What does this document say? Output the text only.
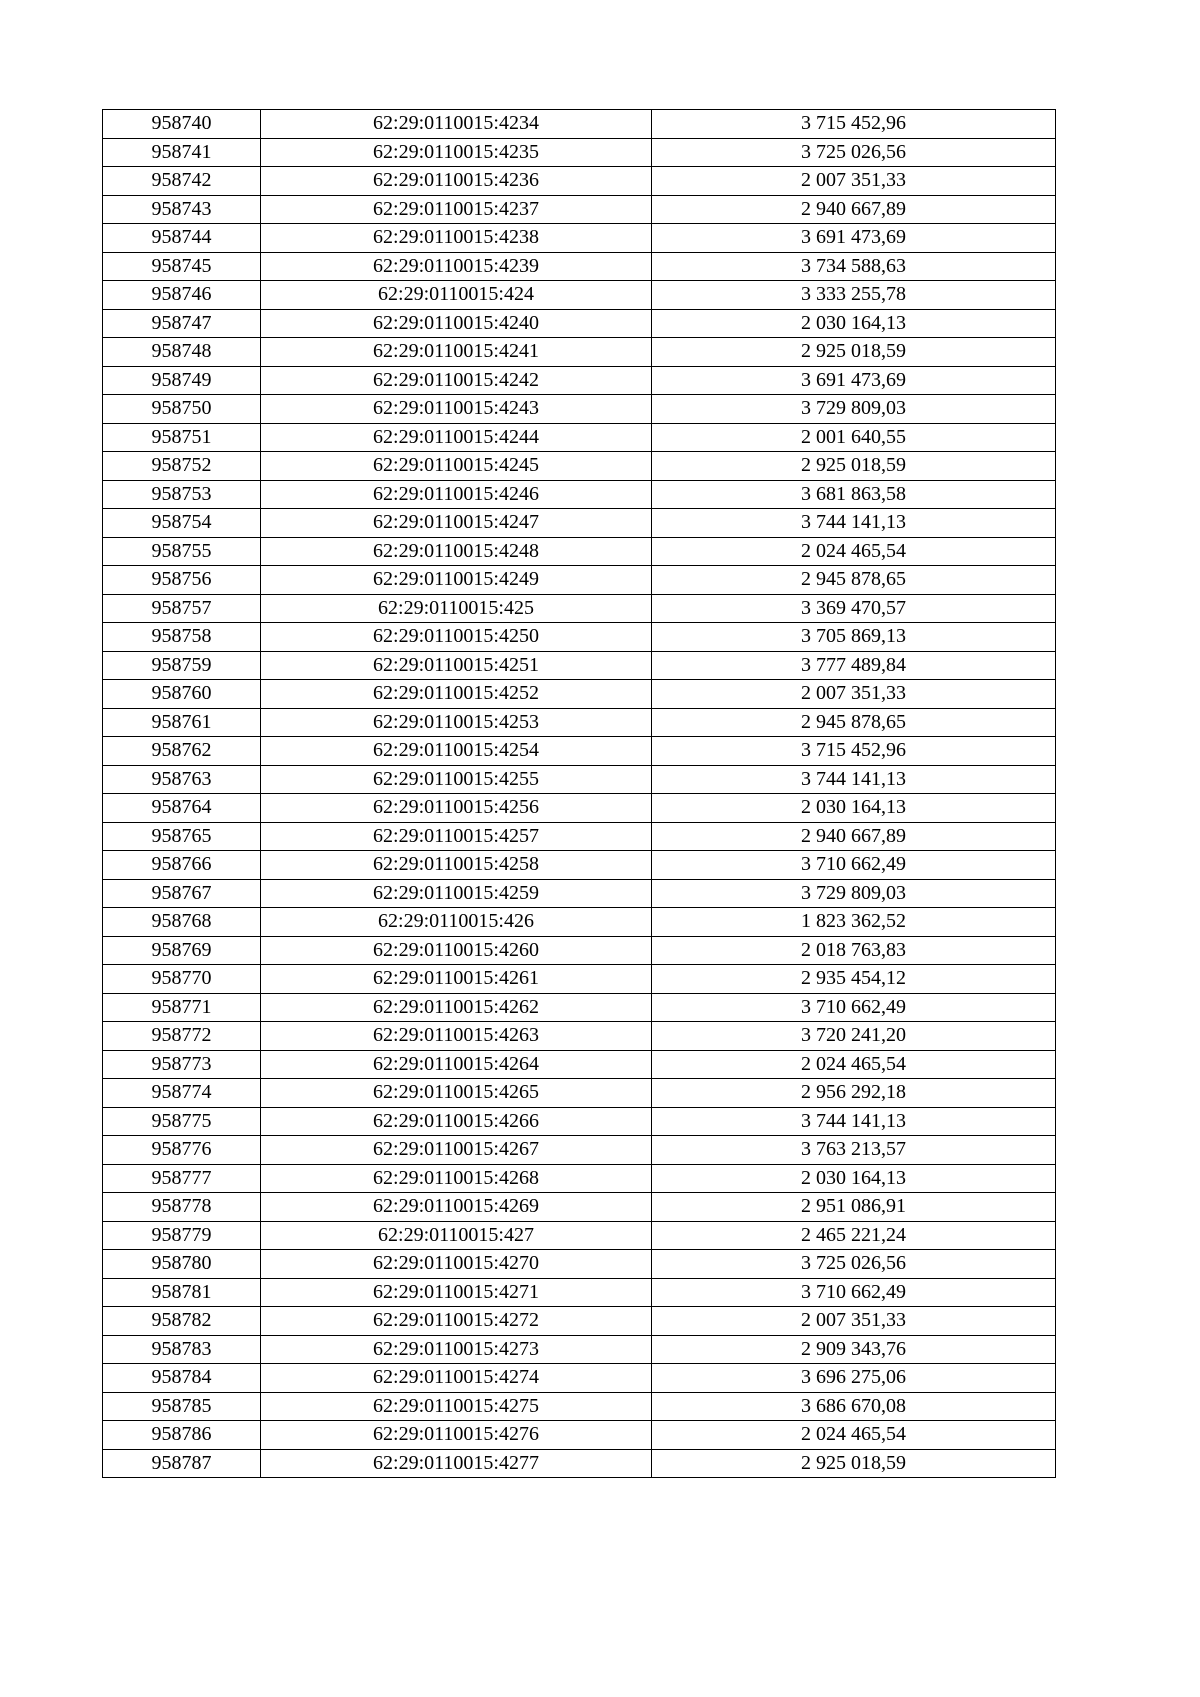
958740	62:29:0110015:4234	3 715 452,96
958741	62:29:0110015:4235	3 725 026,56
958742	62:29:0110015:4236	2 007 351,33
958743	62:29:0110015:4237	2 940 667,89
958744	62:29:0110015:4238	3 691 473,69
958745	62:29:0110015:4239	3 734 588,63
958746	62:29:0110015:424	3 333 255,78
958747	62:29:0110015:4240	2 030 164,13
958748	62:29:0110015:4241	2 925 018,59
958749	62:29:0110015:4242	3 691 473,69
958750	62:29:0110015:4243	3 729 809,03
958751	62:29:0110015:4244	2 001 640,55
958752	62:29:0110015:4245	2 925 018,59
958753	62:29:0110015:4246	3 681 863,58
958754	62:29:0110015:4247	3 744 141,13
958755	62:29:0110015:4248	2 024 465,54
958756	62:29:0110015:4249	2 945 878,65
958757	62:29:0110015:425	3 369 470,57
958758	62:29:0110015:4250	3 705 869,13
958759	62:29:0110015:4251	3 777 489,84
958760	62:29:0110015:4252	2 007 351,33
958761	62:29:0110015:4253	2 945 878,65
958762	62:29:0110015:4254	3 715 452,96
958763	62:29:0110015:4255	3 744 141,13
958764	62:29:0110015:4256	2 030 164,13
958765	62:29:0110015:4257	2 940 667,89
958766	62:29:0110015:4258	3 710 662,49
958767	62:29:0110015:4259	3 729 809,03
958768	62:29:0110015:426	1 823 362,52
958769	62:29:0110015:4260	2 018 763,83
958770	62:29:0110015:4261	2 935 454,12
958771	62:29:0110015:4262	3 710 662,49
958772	62:29:0110015:4263	3 720 241,20
958773	62:29:0110015:4264	2 024 465,54
958774	62:29:0110015:4265	2 956 292,18
958775	62:29:0110015:4266	3 744 141,13
958776	62:29:0110015:4267	3 763 213,57
958777	62:29:0110015:4268	2 030 164,13
958778	62:29:0110015:4269	2 951 086,91
958779	62:29:0110015:427	2 465 221,24
958780	62:29:0110015:4270	3 725 026,56
958781	62:29:0110015:4271	3 710 662,49
958782	62:29:0110015:4272	2 007 351,33
958783	62:29:0110015:4273	2 909 343,76
958784	62:29:0110015:4274	3 696 275,06
958785	62:29:0110015:4275	3 686 670,08
958786	62:29:0110015:4276	2 024 465,54
958787	62:29:0110015:4277	2 925 018,59
